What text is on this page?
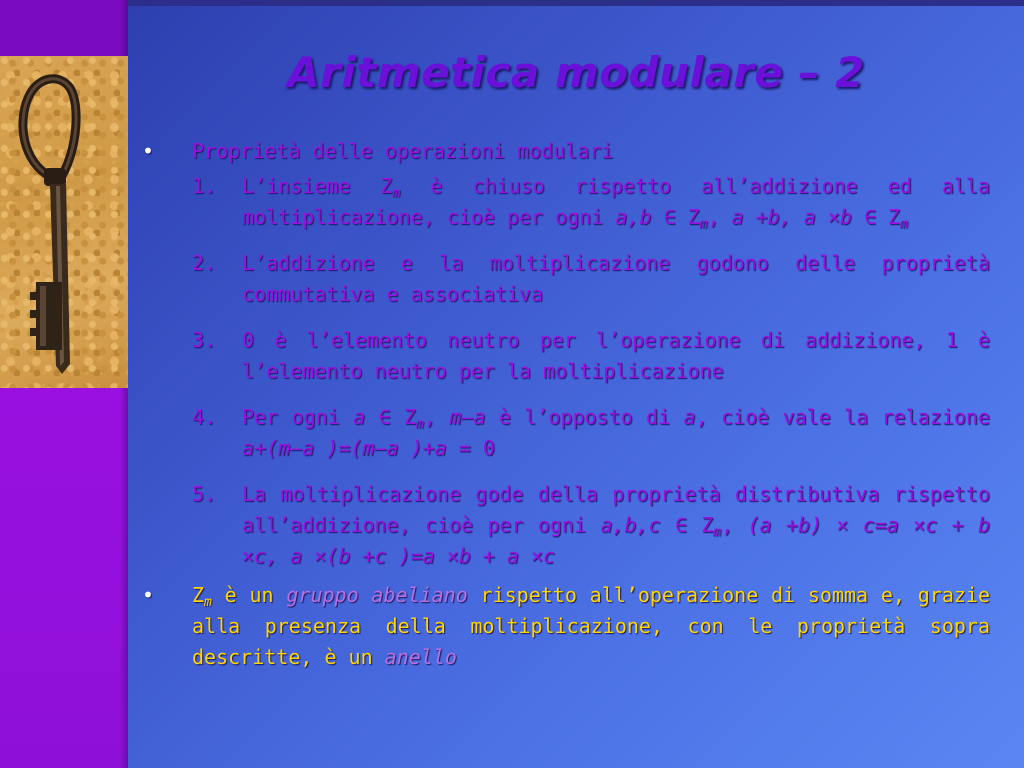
Aritmetica modulare – 2
•	Proprietà delle operazioni modulari
1.	L’insieme $Z_m$ è chiuso rispetto all’addizione ed alla moltiplicazione, cioè per ogni a,b ∈ $Z_m$, a +b, a ×b ∈ $Z_m$
2.	L’addizione e la moltiplicazione godono delle proprietà commutativa e associativa
3.	0 è l’elemento neutro per l’operazione di addizione, 1 è l’elemento neutro per la moltiplicazione
4.	Per ogni a ∈ $Z_m$, m–a è l’opposto di a, cioè vale la relazione a+(m–a )=(m–a )+a = 0
5.	La moltiplicazione gode della proprietà distributiva rispetto all’addizione, cioè per ogni a,b,c ∈ $Z_m$, (a +b) × c=a ×c + b ×c, a ×(b +c )=a ×b + a ×c
•	$Z_m$ è un gruppo abeliano rispetto all’operazione di somma e, grazie alla presenza della moltiplicazione, con le proprietà sopra descritte, è un anello
